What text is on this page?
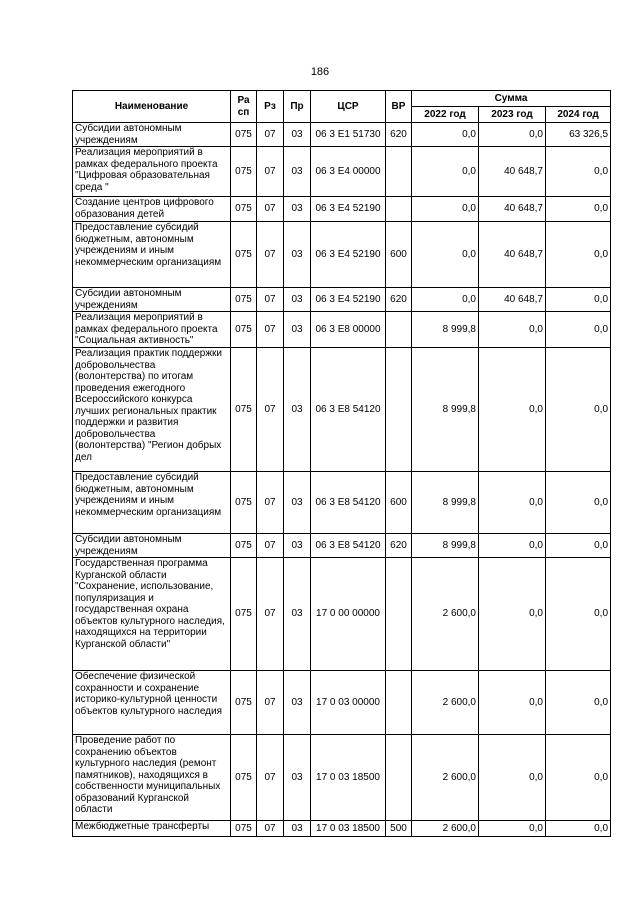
186
Наименование	Ра сп	Рз	Пр	ЦСР	ВР	Сумма		
						2022 год	2023 год	2024 год
Субсидии автономным учреждениям	075	07	03	06 3 E1 51730	620	0,0	0,0	63 326,5
Реализация мероприятий в рамках федерального проекта "Цифровая образовательная среда "	075	07	03	06 3 E4 00000		0,0	40 648,7	0,0
Создание центров цифрового образования детей	075	07	03	06 3 E4 52190		0,0	40 648,7	0,0
Предоставление субсидий бюджетным, автономным учреждениям и иным некоммерческим организациям	075	07	03	06 3 E4 52190	600	0,0	40 648,7	0,0
Субсидии автономным учреждениям	075	07	03	06 3 E4 52190	620	0,0	40 648,7	0,0
Реализация мероприятий в рамках федерального проекта "Социальная активность"	075	07	03	06 3 E8 00000		8 999,8	0,0	0,0
Реализация практик поддержки добровольчества (волонтерства) по итогам проведения ежегодного Всероссийского конкурса лучших региональных практик поддержки и развития добровольчества (волонтерства) "Регион добрых дел	075	07	03	06 3 E8 54120		8 999,8	0,0	0,0
Предоставление субсидий бюджетным, автономным учреждениям и иным некоммерческим организациям	075	07	03	06 3 E8 54120	600	8 999,8	0,0	0,0
Субсидии автономным учреждениям	075	07	03	06 3 E8 54120	620	8 999,8	0,0	0,0
Государственная программа Курганской области "Сохранение, использование, популяризация и государственная охрана объектов культурного наследия, находящихся на территории Курганской области"	075	07	03	17 0 00 00000		2 600,0	0,0	0,0
Обеспечение физической сохранности и сохранение историко-культурной ценности объектов культурного наследия	075	07	03	17 0 03 00000		2 600,0	0,0	0,0
Проведение работ по сохранению объектов культурного наследия (ремонт памятников), находящихся в собственности муниципальных образований Курганской области	075	07	03	17 0 03 18500		2 600,0	0,0	0,0
Межбюджетные трансферты	075	07	03	17 0 03 18500	500	2 600,0	0,0	0,0
